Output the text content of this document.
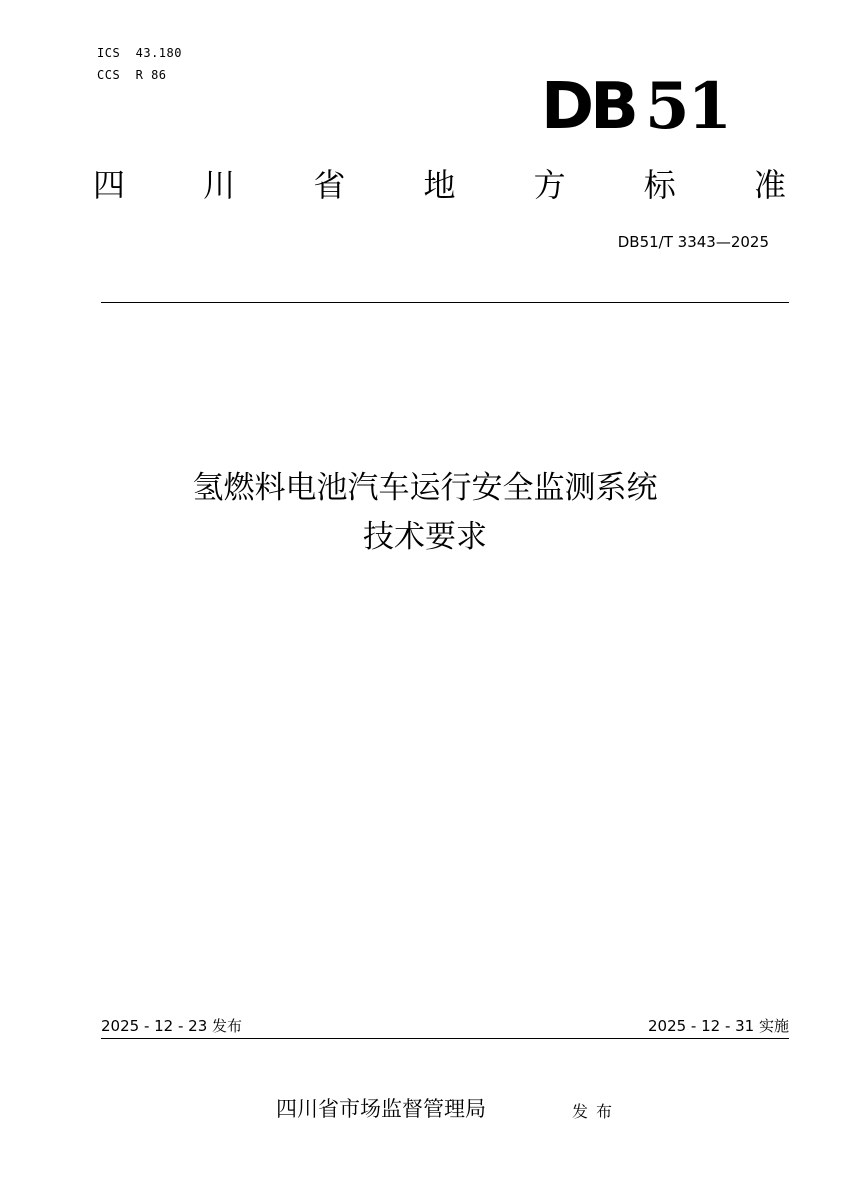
ICS  43.180
CCS  R 86	DB 51
四 川 省 地 方 标 准
DB51/T 3343—2025
氢燃料电池汽车运行安全监测系统
技术要求
2025 - 12 - 23 发布	2025 - 12 - 31 实施
四川省市场监督管理局	发布
